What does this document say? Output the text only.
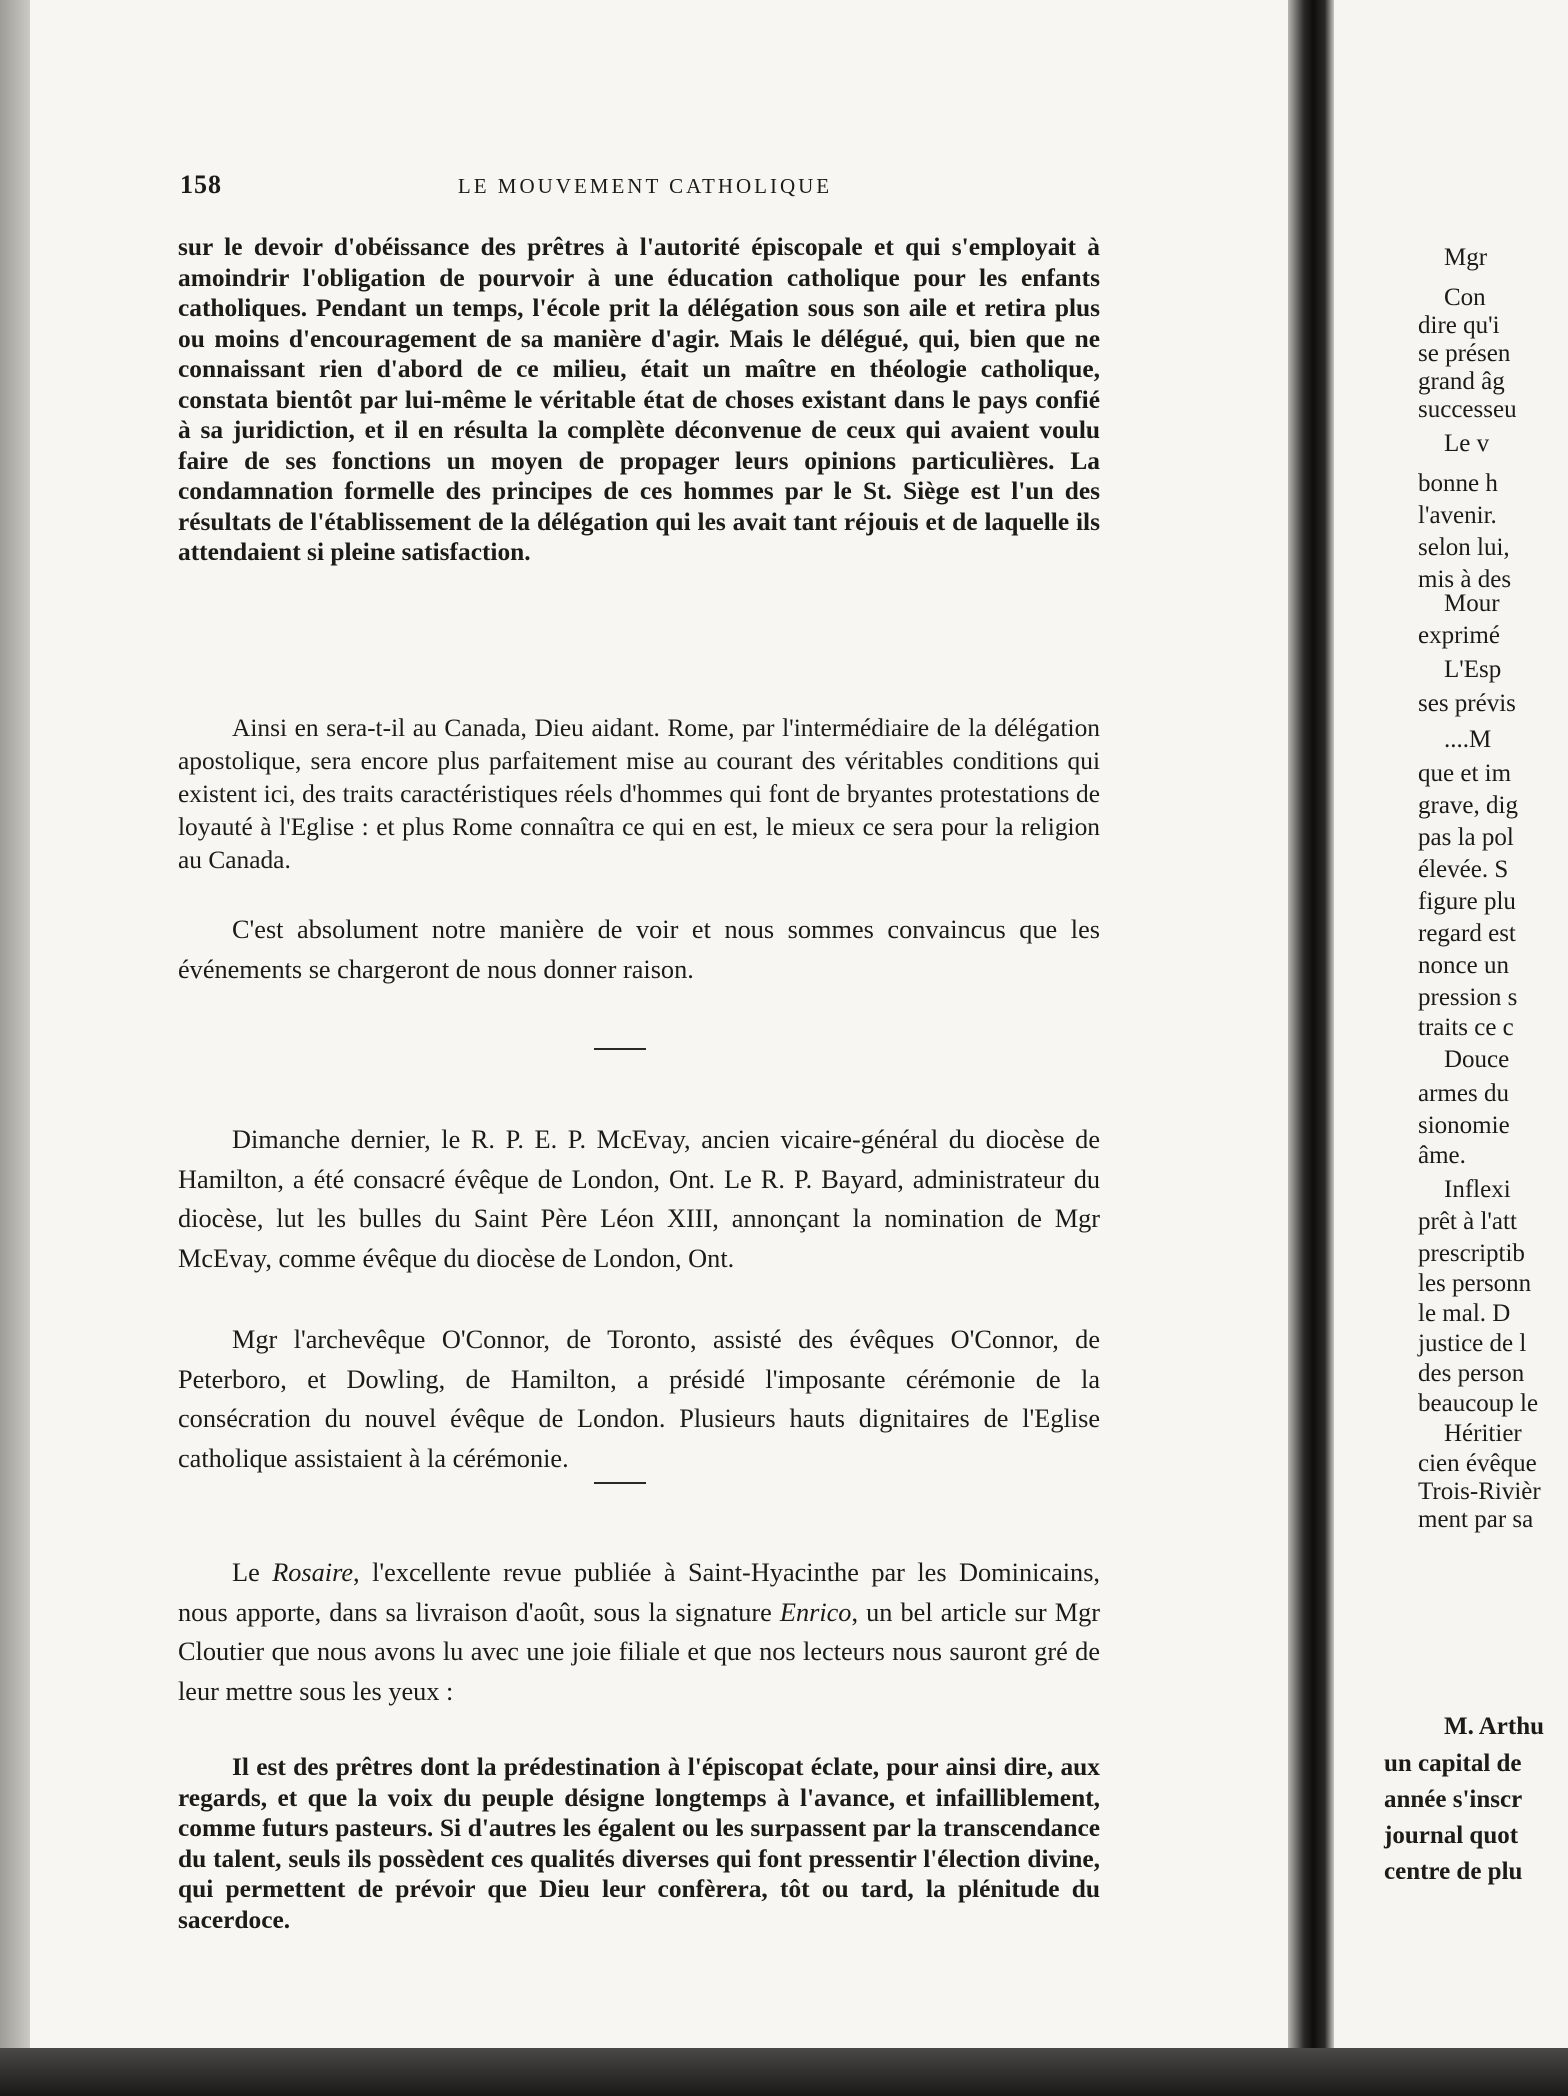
158	LE MOUVEMENT CATHOLIQUE

sur le devoir d'obéissance des prêtres à l'autorité épiscopale et qui s'employait à amoindrir l'obligation de pourvoir à une éducation catholique pour les enfants catholiques. Pendant un temps, l'école prit la délégation sous son aile et retira plus ou moins d'encouragement de sa manière d'agir. Mais le délégué, qui, bien que ne connaissant rien d'abord de ce milieu, était un maître en théologie catholique, constata bientôt par lui-même le véritable état de choses existant dans le pays confié à sa juridiction, et il en résulta la complète déconvenue de ceux qui avaient voulu faire de ses fonctions un moyen de propager leurs opinions particulières. La condamnation formelle des principes de ces hommes par le St. Siège est l'un des résultats de l'établissement de la délégation qui les avait tant réjouis et de laquelle ils attendaient si pleine satisfaction.

Ainsi en sera-t-il au Canada, Dieu aidant. Rome, par l'intermédiaire de la délégation apostolique, sera encore plus parfaitement mise au courant des véritables conditions qui existent ici, des traits caractéristiques réels d'hommes qui font de bryantes protestations de loyauté à l'Eglise : et plus Rome connaîtra ce qui en est, le mieux ce sera pour la religion au Canada.

C'est absolument notre manière de voir et nous sommes convaincus que les événements se chargeront de nous donner raison.

Dimanche dernier, le R. P. E. P. McEvay, ancien vicaire-général du diocèse de Hamilton, a été consacré évêque de London, Ont. Le R. P. Bayard, administrateur du diocèse, lut les bulles du Saint Père Léon XIII, annonçant la nomination de Mgr McEvay, comme évêque du diocèse de London, Ont.

Mgr l'archevêque O'Connor, de Toronto, assisté des évêques O'Connor, de Peterboro, et Dowling, de Hamilton, a présidé l'imposante cérémonie de la consécration du nouvel évêque de London. Plusieurs hauts dignitaires de l'Eglise catholique assistaient à la cérémonie.

Le Rosaire, l'excellente revue publiée à Saint-Hyacinthe par les Dominicains, nous apporte, dans sa livraison d'août, sous la signature Enrico, un bel article sur Mgr Cloutier que nous avons lu avec une joie filiale et que nos lecteurs nous sauront gré de leur mettre sous les yeux :

Il est des prêtres dont la prédestination à l'épiscopat éclate, pour ainsi dire, aux regards, et que la voix du peuple désigne longtemps à l'avance, et infailliblement, comme futurs pasteurs. Si d'autres les égalent ou les surpassent par la transcendance du talent, seuls ils possèdent ces qualités diverses qui font pressentir l'élection divine, qui permettent de prévoir que Dieu leur confèrera, tôt ou tard, la plénitude du sacerdoce.

Mgr
Con
dire qu'i
se présen
grand âg
successeu
Le v
bonne h
l'avenir.
selon lui,
mis à des
Mour
exprimé
L'Esp
ses prévis
....M
que et im
grave, dig
pas la pol
élevée. S
figure plu
regard est
nonce un
pression s
traits ce c
Douce
armes du
sionomie
âme.
Inflexi
prêt à l'att
prescriptib
les personn
le mal. D
justice de l
des person
beaucoup le
Héritier
cien évêque
Trois-Rivièr
ment par sa
M. Arthu
un capital de
année s'inscr
journal quot
centre de plu
